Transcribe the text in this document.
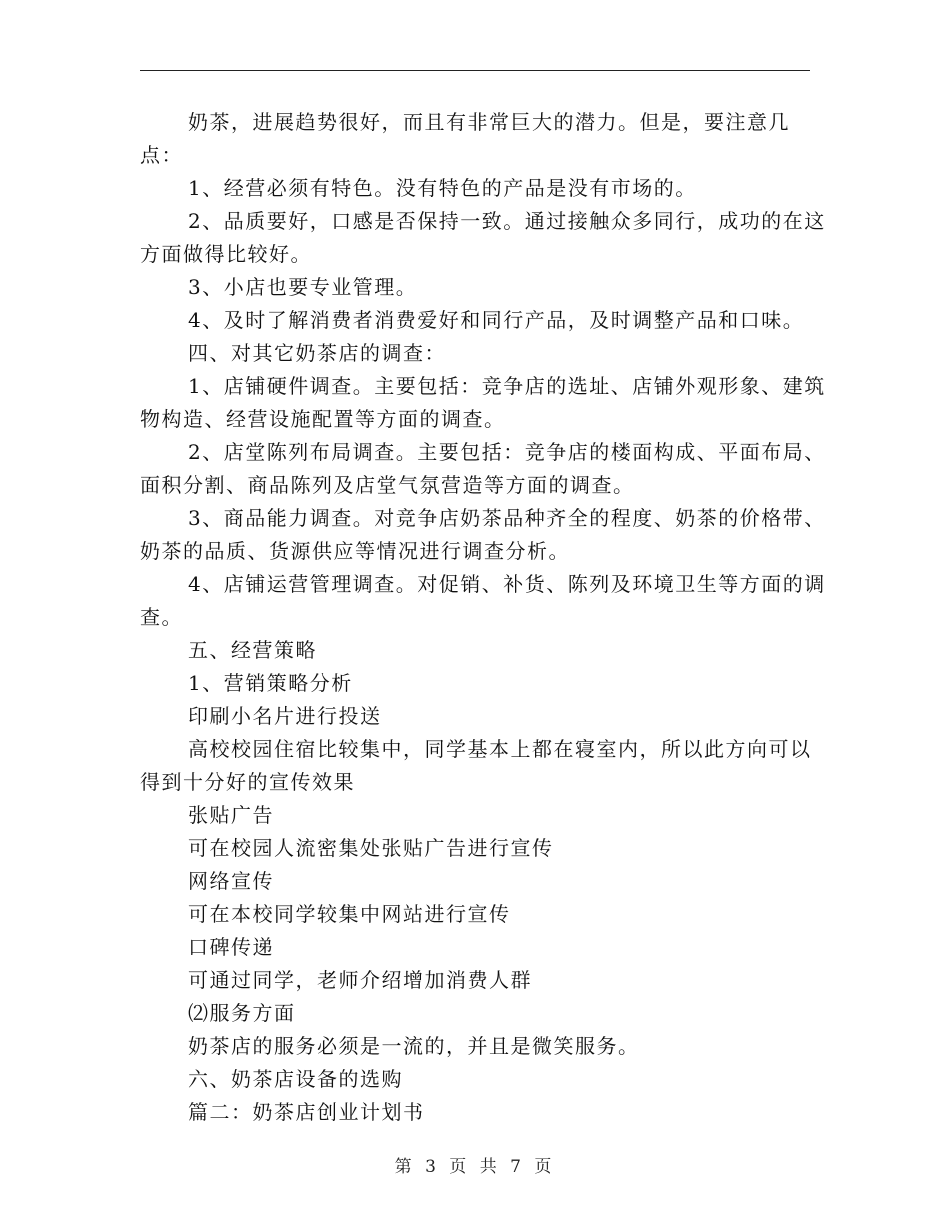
奶茶，进展趋势很好，而且有非常巨大的潜力。但是，要注意几点：

1、经营必须有特色。没有特色的产品是没有市场的。

2、品质要好，口感是否保持一致。通过接触众多同行，成功的在这方面做得比较好。

3、小店也要专业管理。

4、及时了解消费者消费爱好和同行产品，及时调整产品和口味。

四、对其它奶茶店的调查：

1、店铺硬件调查。主要包括：竞争店的选址、店铺外观形象、建筑物构造、经营设施配置等方面的调查。

2、店堂陈列布局调查。主要包括：竞争店的楼面构成、平面布局、面积分割、商品陈列及店堂气氛营造等方面的调查。

3、商品能力调查。对竞争店奶茶品种齐全的程度、奶茶的价格带、奶茶的品质、货源供应等情况进行调查分析。

4、店铺运营管理调查。对促销、补货、陈列及环境卫生等方面的调查。

五、经营策略

1、营销策略分析

印刷小名片进行投送

高校校园住宿比较集中，同学基本上都在寝室内，所以此方向可以得到十分好的宣传效果

张贴广告

可在校园人流密集处张贴广告进行宣传

网络宣传

可在本校同学较集中网站进行宣传

口碑传递

可通过同学，老师介绍增加消费人群

⑵服务方面

奶茶店的服务必须是一流的，并且是微笑服务。

六、奶茶店设备的选购

篇二：奶茶店创业计划书

第 3 页 共 7 页
